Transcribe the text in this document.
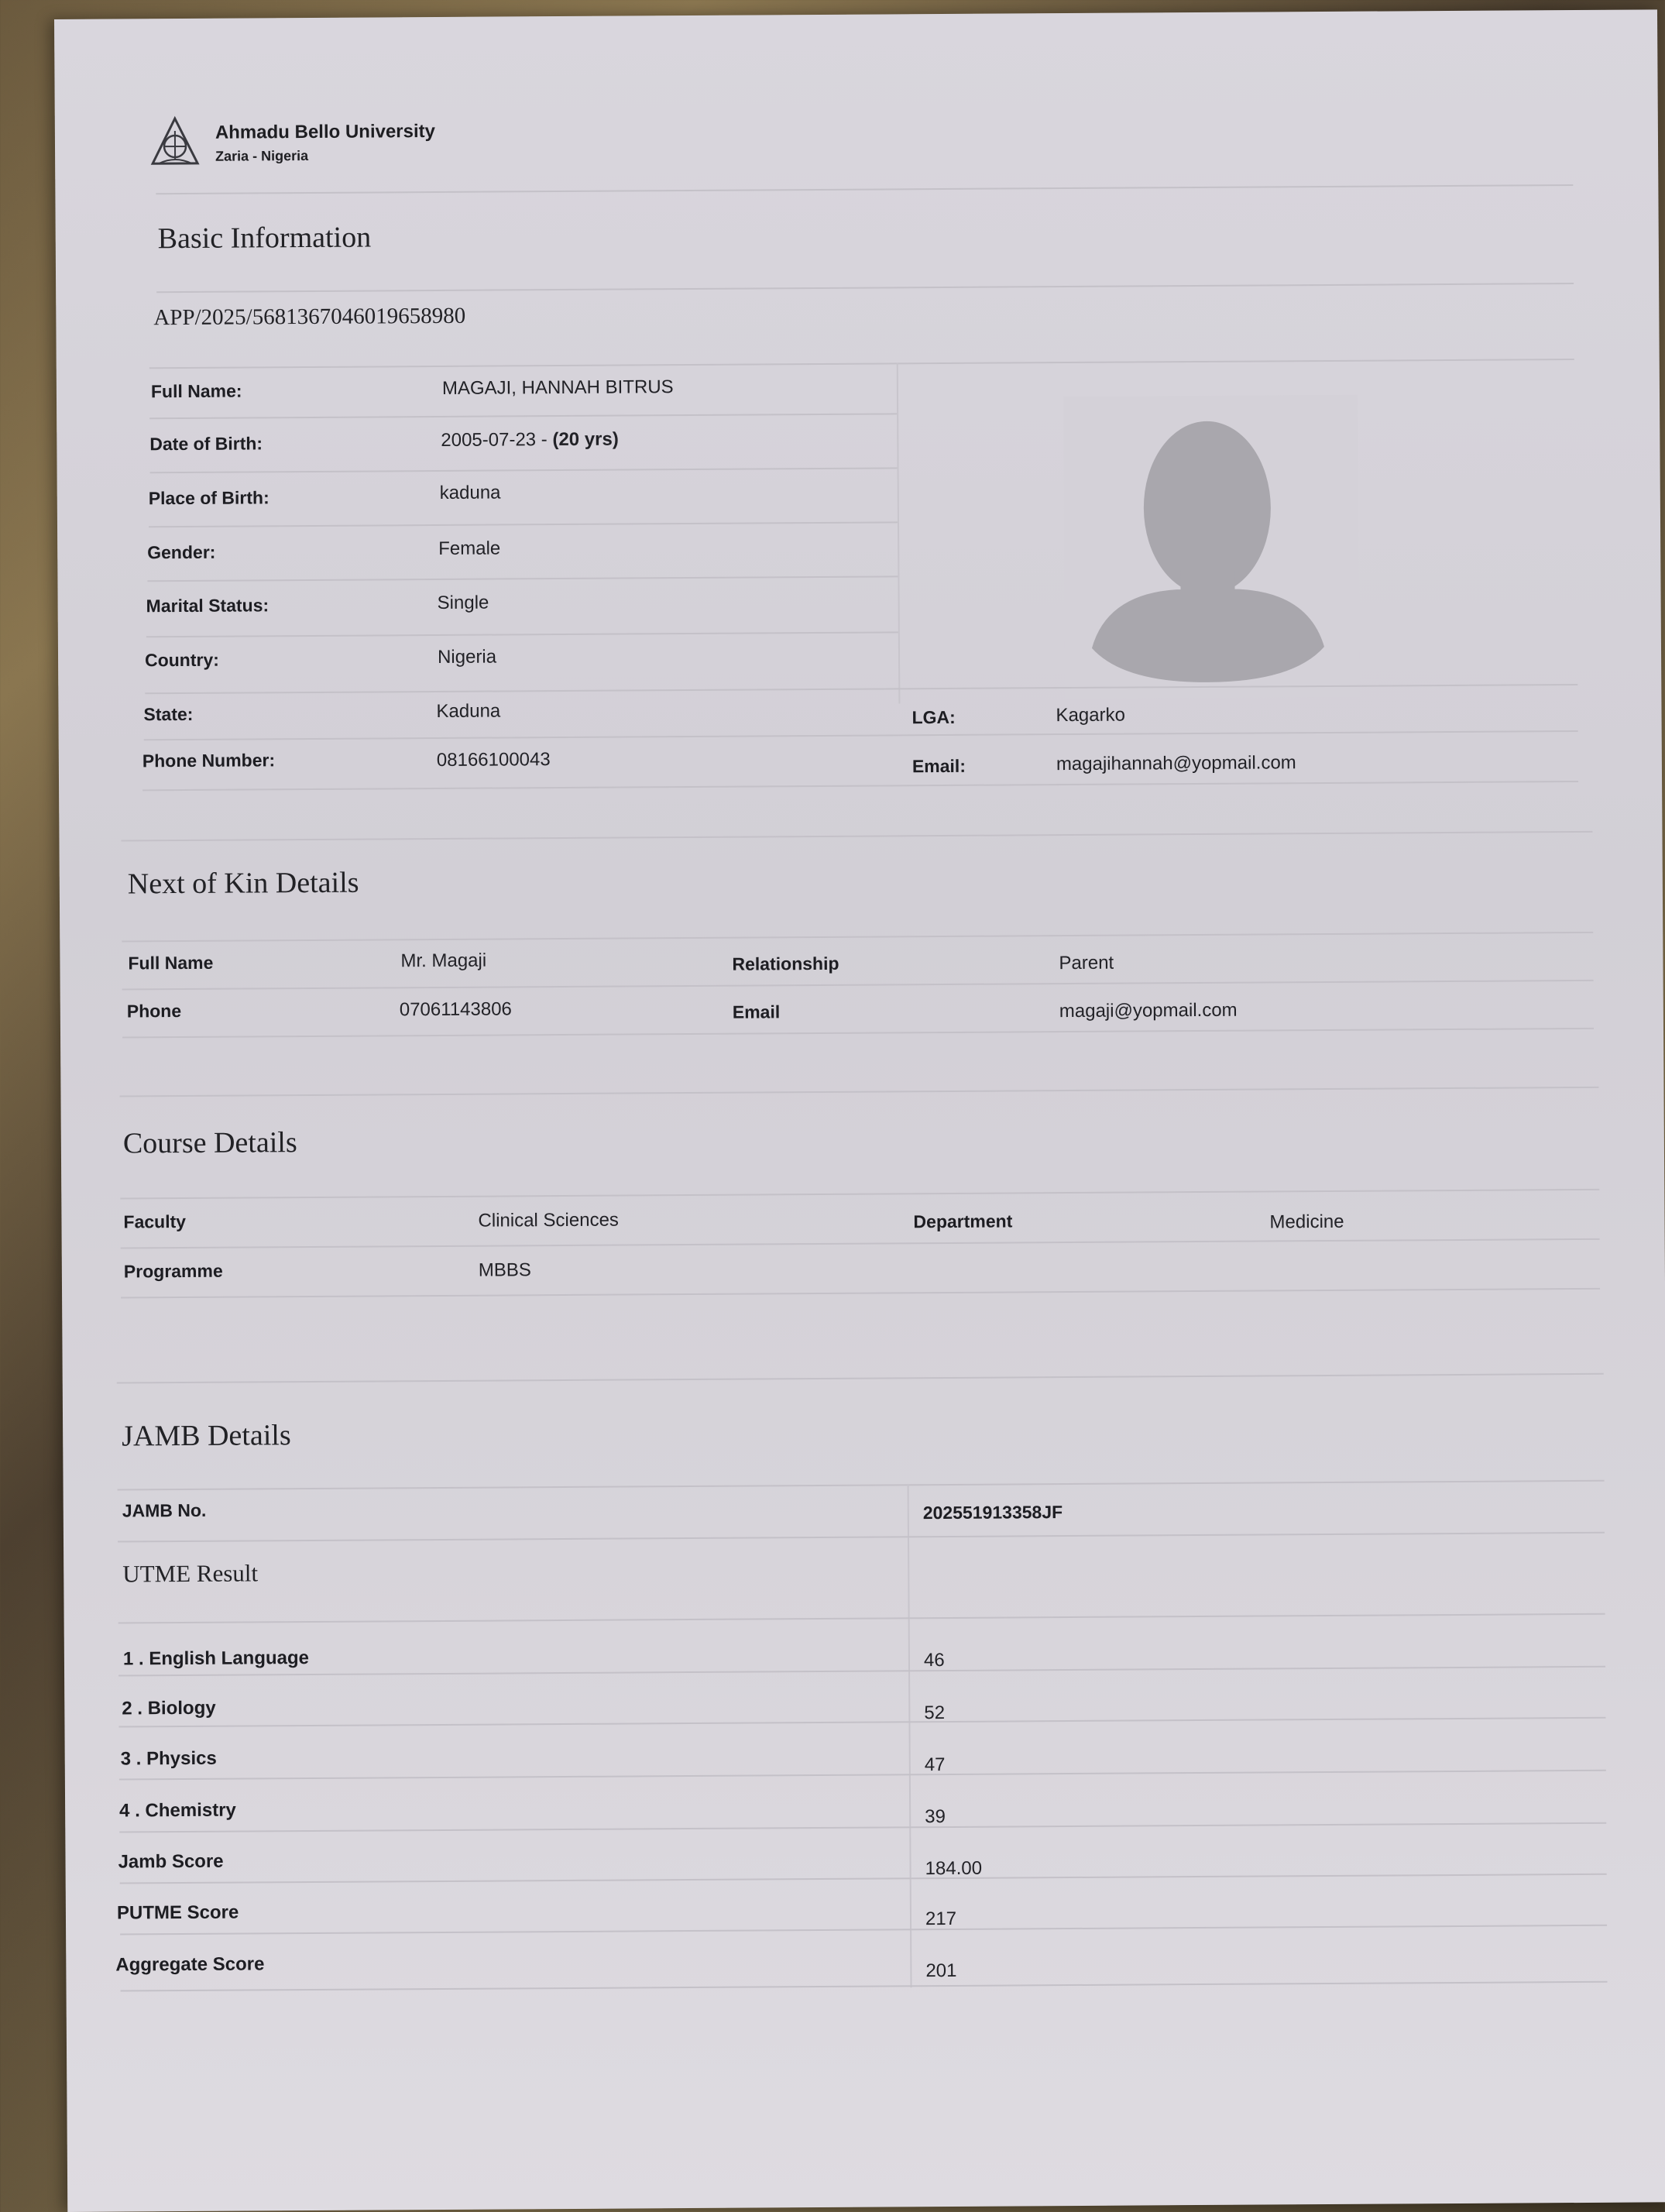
Ahmadu Bello University
Zaria - Nigeria
Basic Information
APP/2025/5681367046019658980
Full Name:	MAGAJI, HANNAH BITRUS
Date of Birth:	2005-07-23 - (20 yrs)
Place of Birth:	kaduna
Gender:	Female
Marital Status:	Single
Country:	Nigeria
State:	Kaduna	LGA:	Kagarko
Phone Number:	08166100043	Email:	magajihannah@yopmail.com
Next of Kin Details
Full Name	Mr. Magaji	Relationship	Parent
Phone	07061143806	Email	magaji@yopmail.com
Course Details
Faculty	Clinical Sciences	Department	Medicine
Programme	MBBS
JAMB Details
JAMB No.	202551913358JF
UTME Result
1 . English Language	46
2 . Biology	52
3 . Physics	47
4 . Chemistry	39
Jamb Score	184.00
PUTME Score	217
Aggregate Score	201
